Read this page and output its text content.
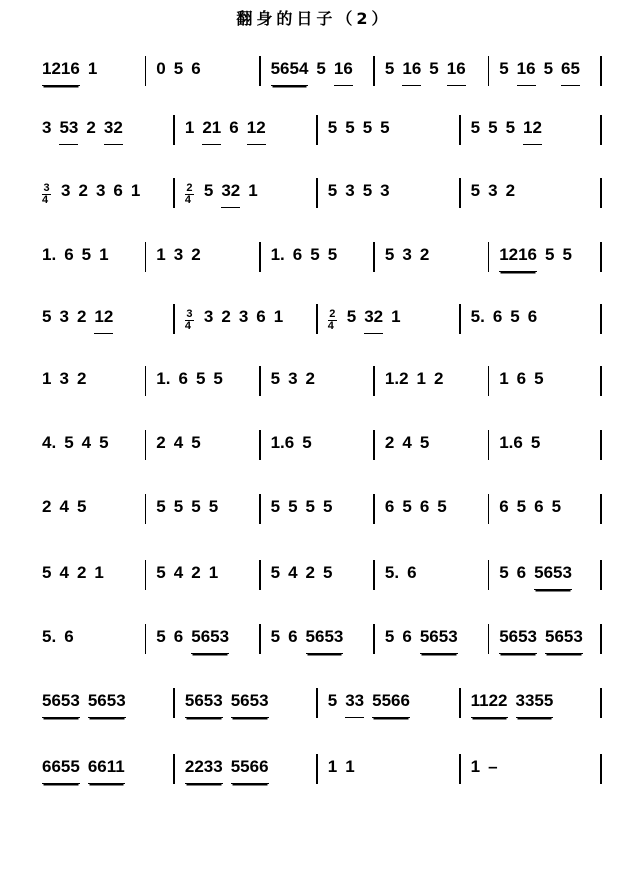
翻身的日子（2）
1216 1	0 5 6	5654 5 16 5 16 5 16 5 16 5 65
3 53 2 32	1 21 6 12	5 5 5 5	5 5 5 12
3
4 3 2 3 6 1	2
4 5 32 1	5 3 5 3	5 3 2
1. 6 5 1	1 3 2	1. 6 5 5	5 3 2	1216 5 5
5 3 2 12	3
4 3 2 3 6 1	2
4 5 32 1	5. 6 5 6
1 3 2	1. 6 5 5	5 3 2	1.2 1 2	1 6 5
4. 5 4 5	2 4 5	1.6 5	2 4 5	1.6 5
2 4 5	5 5 5 5	5 5 5 5	6 5 6 5	6 5 6 5
5 4 2 1	5 4 2 1	5 4 2 5	5. 6	5 6 5653
5. 6	5 6 5653 5 6 5653 5 6 5653 5653 5653
5653 5653	5653 5653	5 33 5566	1122 3355
6655 6611	2233 5566	1 1	1 –
